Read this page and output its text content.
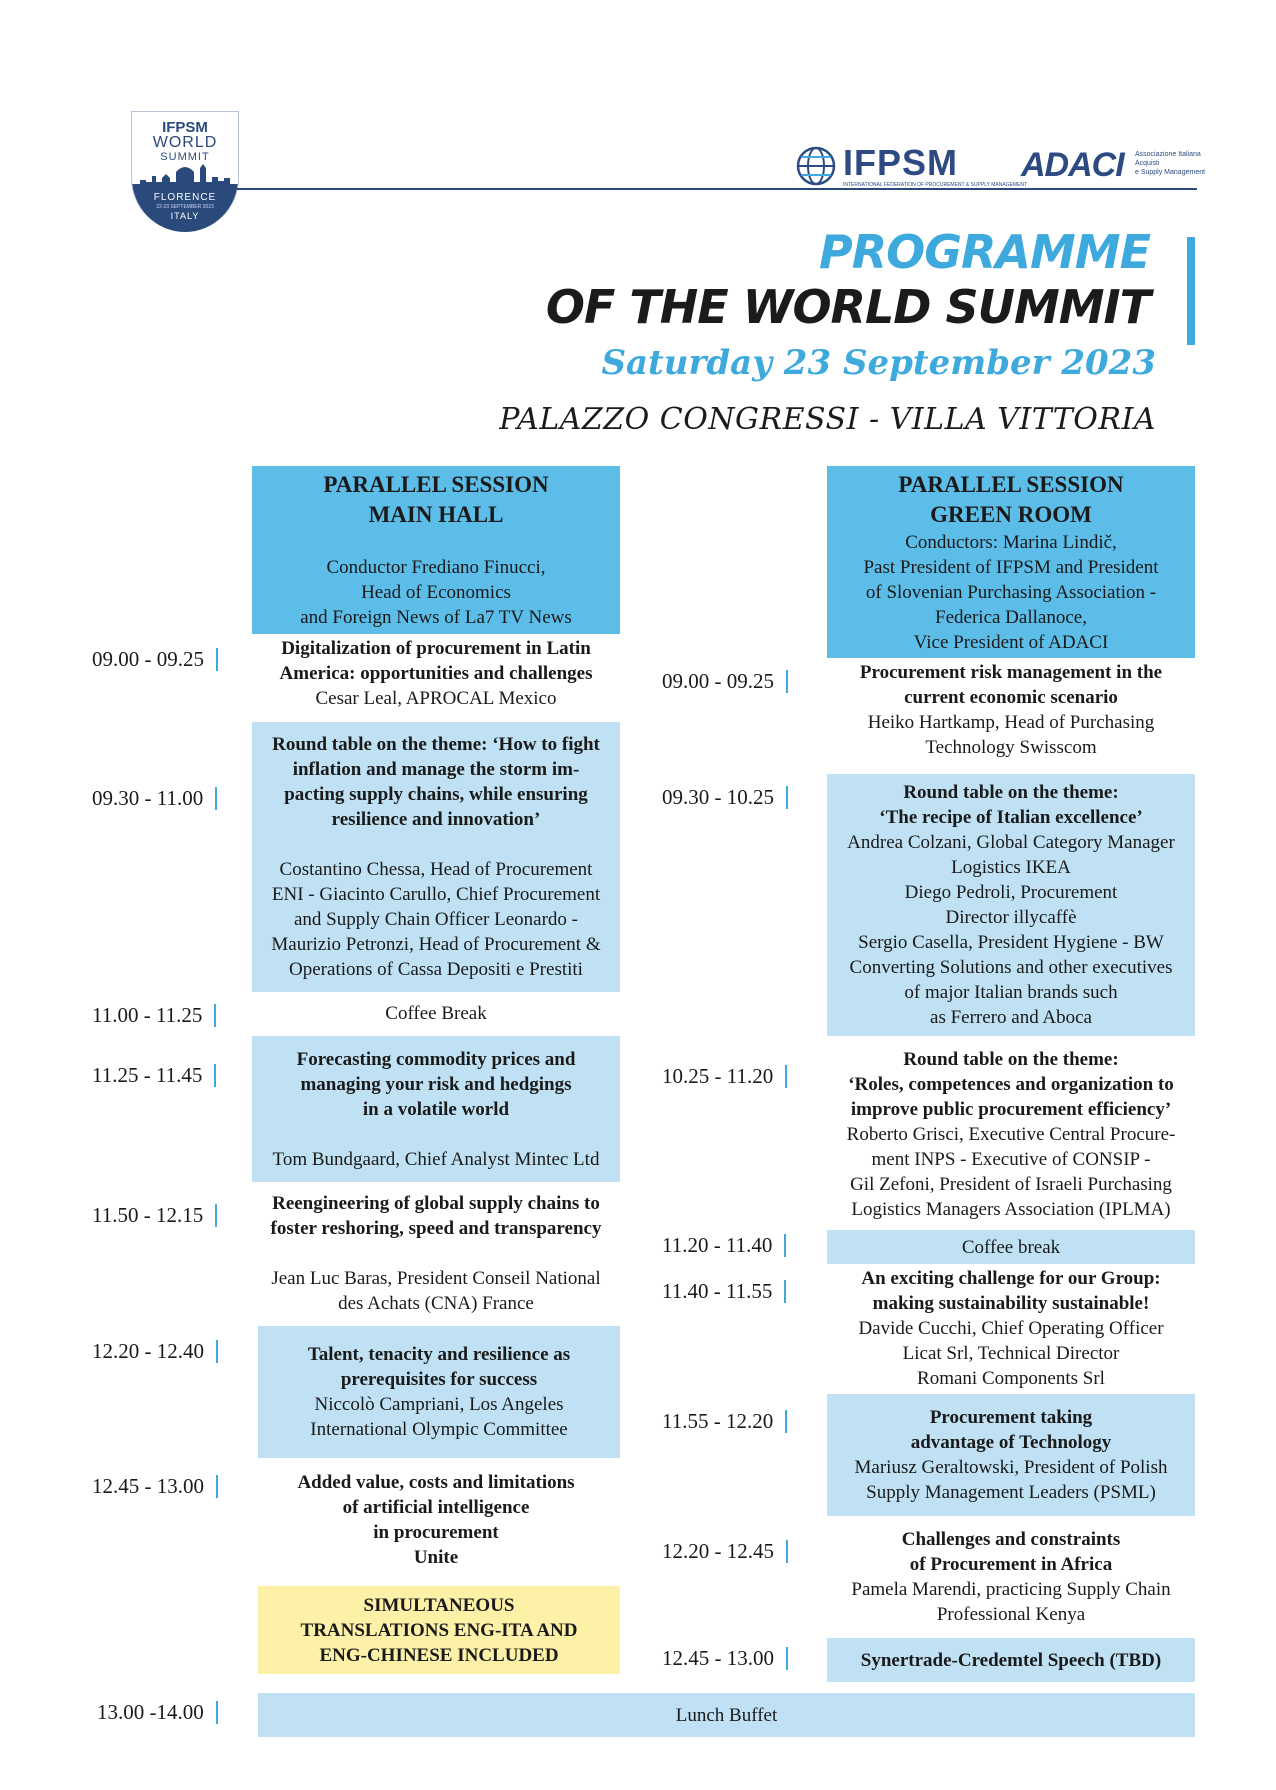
IFPSM
WORLD
SUMMIT
FLORENCE
22-23 SEPTEMBER 2023
ITALY
IFPSM
INTERNATIONAL FEDERATION OF PROCUREMENT & SUPPLY MANAGEMENT
ADACI Associazione Italiana
Acquisti
e Supply Management
PROGRAMME
OF THE WORLD SUMMIT
Saturday 23 September 2023
PALAZZO CONGRESSI - VILLA VITTORIA
PARALLEL SESSION
MAIN HALL
Conductor Frediano Finucci,
Head of Economics
and Foreign News of La7 TV News
09.00 - 09.25	Digitalization of procurement in Latin
America: opportunities and challenges
Cesar Leal, APROCAL Mexico
09.30 - 11.00
Round table on the theme: ‘How to fight
inflation and manage the storm im-
pacting supply chains, while ensuring
resilience and innovation’
Costantino Chessa, Head of Procurement
ENI - Giacinto Carullo, Chief Procurement
and Supply Chain Officer Leonardo -
Maurizio Petronzi, Head of Procurement &
Operations of Cassa Depositi e Prestiti
11.00 - 11.25	Coffee Break
11.25 - 11.45
Forecasting commodity prices and
managing your risk and hedgings
in a volatile world
Tom Bundgaard, Chief Analyst Mintec Ltd
11.50 - 12.15	Reengineering of global supply chains to
foster reshoring, speed and transparency
Jean Luc Baras, President Conseil National
des Achats (CNA) France
12.20 - 12.40	Talent, tenacity and resilience as
prerequisites for success
Niccolò Campriani, Los Angeles
International Olympic Committee
12.45 - 13.00	Added value, costs and limitations
of artificial intelligence
in procurement
Unite
SIMULTANEOUS
TRANSLATIONS ENG-ITA AND
ENG-CHINESE INCLUDED
PARALLEL SESSION
GREEN ROOM
Conductors: Marina Lindič,
Past President of IFPSM and President
of Slovenian Purchasing Association -
Federica Dallanoce,
Vice President of ADACI
09.00 - 09.25	Procurement risk management in the
current economic scenario
Heiko Hartkamp, Head of Purchasing
Technology Swisscom
09.30 - 10.25	Round table on the theme:
‘The recipe of Italian excellence’
Andrea Colzani, Global Category Manager
Logistics IKEA
Diego Pedroli, Procurement
Director illycaffè
Sergio Casella, President Hygiene - BW
Converting Solutions and other executives
of major Italian brands such
as Ferrero and Aboca
10.25 - 11.20
Round table on the theme:
‘Roles, competences and organization to
improve public procurement efficiency’
Roberto Grisci, Executive Central Procure-
ment INPS - Executive of CONSIP -
Gil Zefoni, President of Israeli Purchasing
Logistics Managers Association (IPLMA)
11.20 - 11.40	Coffee break
11.40 - 11.55
An exciting challenge for our Group:
making sustainability sustainable!
Davide Cucchi, Chief Operating Officer
Licat Srl, Technical Director
Romani Components Srl
11.55 - 12.20	Procurement taking
advantage of Technology
Mariusz Geraltowski, President of Polish
Supply Management Leaders (PSML)
12.20 - 12.45	Challenges and constraints
of Procurement in Africa
Pamela Marendi, practicing Supply Chain
Professional Kenya
12.45 - 13.00	Synertrade-Credemtel Speech (TBD)
13.00 -14.00	Lunch Buffet
